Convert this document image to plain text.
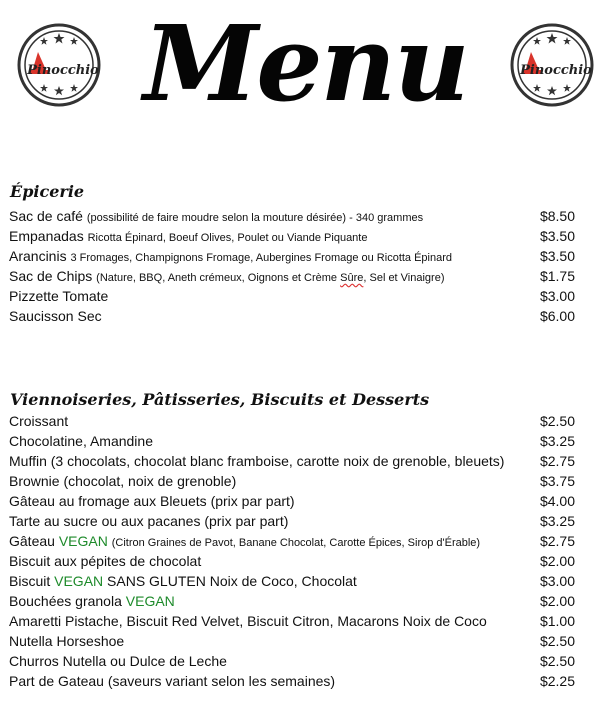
Pinocchio	Pinocchio
Menu
Épicerie
Sac de café (possibilité de faire moudre selon la mouture désirée) - 340 grammes	$8.50
Empanadas Ricotta Épinard, Boeuf Olives, Poulet ou Viande Piquante	$3.50
Arancinis 3 Fromages, Champignons Fromage, Aubergines Fromage ou Ricotta Épinard	$3.50
Sac de Chips (Nature, BBQ, Aneth crémeux, Oignons et Crème Sûre, Sel et Vinaigre)	$1.75
Pizzette Tomate	$3.00
Saucisson Sec	$6.00
Viennoiseries, Pâtisseries, Biscuits et Desserts
Croissant	$2.50
Chocolatine, Amandine	$3.25
Muffin (3 chocolats, chocolat blanc framboise, carotte noix de grenoble, bleuets)	$2.75
Brownie (chocolat, noix de grenoble)	$3.75
Gâteau au fromage aux Bleuets (prix par part)	$4.00
Tarte au sucre ou aux pacanes (prix par part)	$3.25
Gâteau VEGAN (Citron Graines de Pavot, Banane Chocolat, Carotte Épices, Sirop d'Érable)	$2.75
Biscuit aux pépites de chocolat	$2.00
Biscuit VEGAN SANS GLUTEN Noix de Coco, Chocolat	$3.00
Bouchées granola VEGAN	$2.00
Amaretti Pistache, Biscuit Red Velvet, Biscuit Citron, Macarons Noix de Coco	$1.00
Nutella Horseshoe	$2.50
Churros Nutella ou Dulce de Leche	$2.50
Part de Gateau (saveurs variant selon les semaines)	$2.25
